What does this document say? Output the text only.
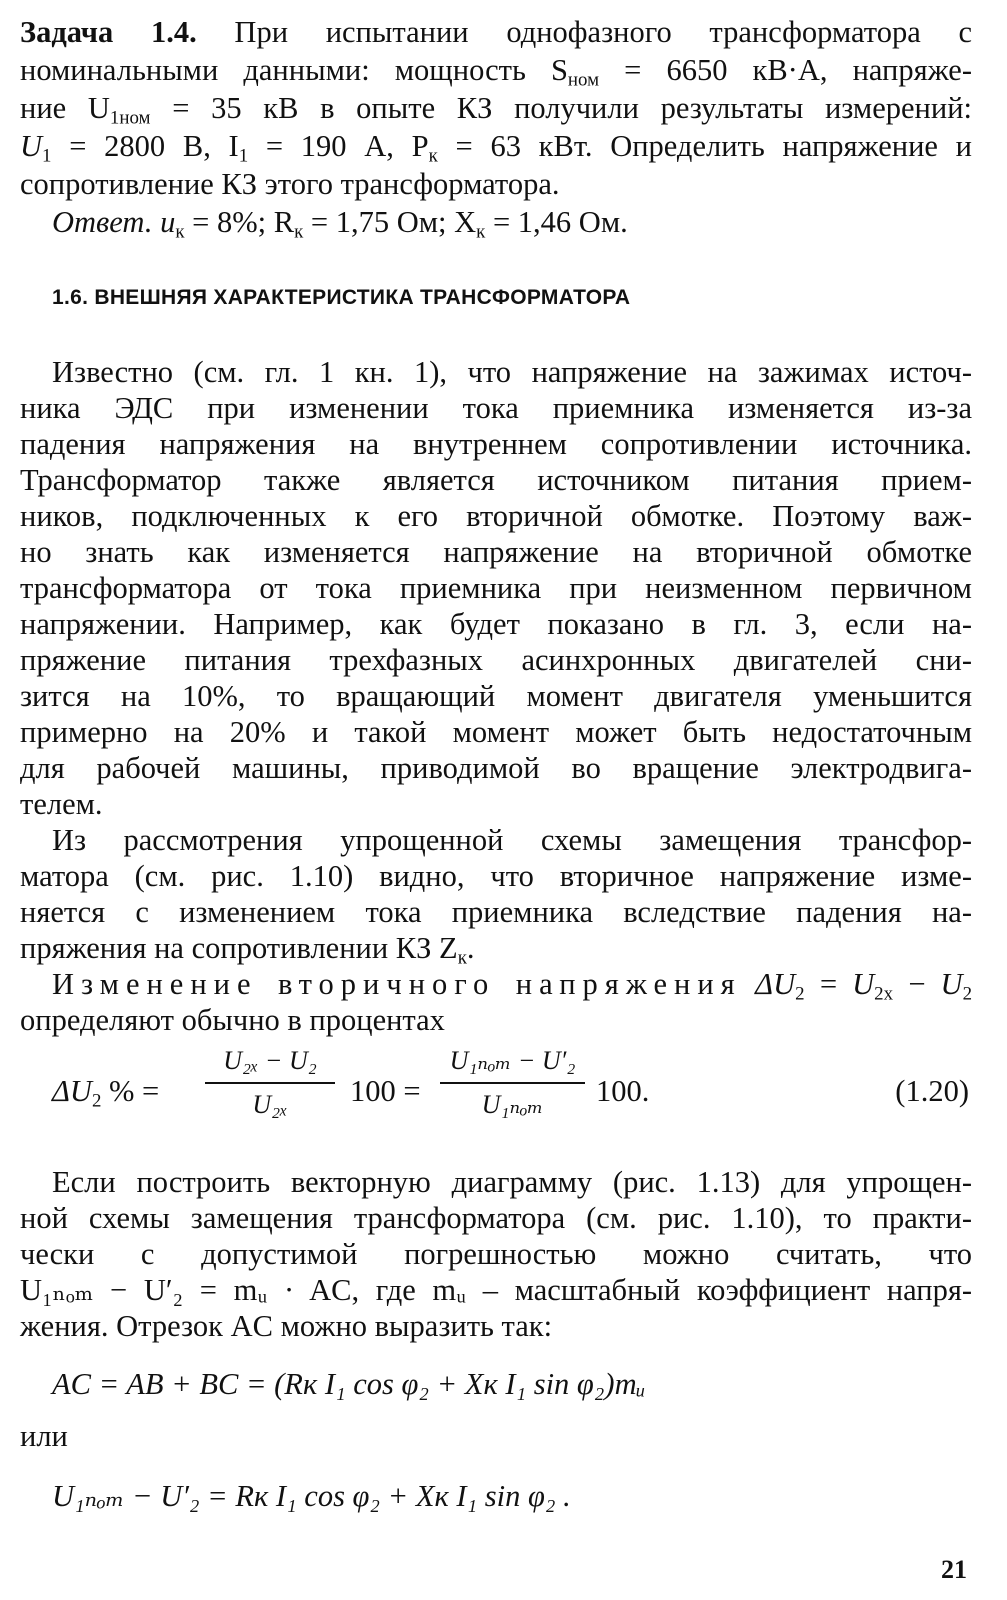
Задача 1.4. При испытании однофазного трансформатора с
номинальными данными: мощность $S_{ном} = 6650$ кВ·А, напряже-
ние $U_{1ном} = 35$ кВ в опыте КЗ получили результаты измерений:
$U_1 = 2800$ В, $I_1 = 190$ А, $P_к = 63$ кВт. Определить напряжение и
сопротивление КЗ этого трансформатора.
Ответ. $u_к = 8\%$; $R_к = 1,75$ Ом; $X_к = 1,46$ Ом.
1.6. ВНЕШНЯЯ ХАРАКТЕРИСТИКА ТРАНСФОРМАТОРА
Известно (см. гл. 1 кн. 1), что напряжение на зажимах источ-
ника ЭДС при изменении тока приемника изменяется из-за
падения напряжения на внутреннем сопротивлении источника.
Трансформатор также является источником питания прием-
ников, подключенных к его вторичной обмотке. Поэтому важ-
но знать как изменяется напряжение на вторичной обмотке
трансформатора от тока приемника при неизменном первичном
напряжении. Например, как будет показано в гл. 3, если на-
пряжение питания трехфазных асинхронных двигателей сни-
зится на 10%, то вращающий момент двигателя уменьшится
примерно на 20% и такой момент может быть недостаточным
для рабочей машины, приводимой во вращение электродвига-
телем.
Из рассмотрения упрощенной схемы замещения трансфор-
матора (см. рис. 1.10) видно, что вторичное напряжение изме-
няется с изменением тока приемника вследствие падения на-
пряжения на сопротивлении КЗ $Z_к$.
Изменение вторичного напряжения $\Delta U_2 = U_{2x} - U_2$
определяют обычно в процентах
$\Delta U_2$ % =
U₂ₓ − U₂
U₂ₓ	100 =
U₁ₙₒₘ − U′₂
U₁ₙₒₘ	100.	(1.20)
Если построить векторную диаграмму (рис. 1.13) для упрощен-
ной схемы замещения трансформатора (см. рис. 1.10), то практи-
чески с допустимой погрешностью можно считать, что
U₁ₙₒₘ − U′₂ = mᵤ · AC, где mᵤ – масштабный коэффициент напря-
жения. Отрезок AC можно выразить так:
AC = AB + BC = (Rк I₁ cos φ₂ + Xк I₁ sin φ₂)mᵤ
или
U₁ₙₒₘ − U′₂ = Rк I₁ cos φ₂ + Xк I₁ sin φ₂ .
21
